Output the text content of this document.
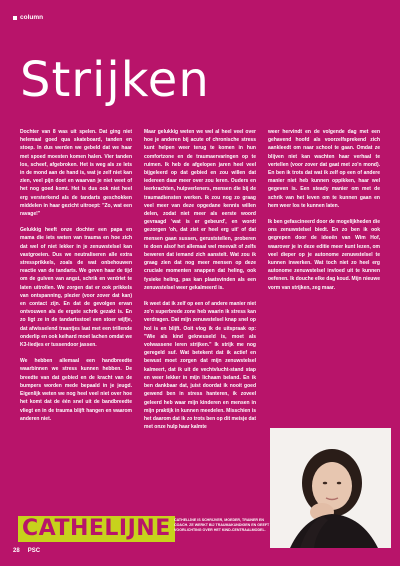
column
Strijken

Dochter van 8 was uit spelen. Dat ging niet helemaal goed qua skateboard, tanden en stoep. In dus werden we gebeld dat we haar met spoed moesten komen halen. Vier tanden los, scheef, afgebroken. Het is weg als ze lets in de mond aan de hand is, wat je zelf niet kan zien, veel pijn doet en waarvan je niet weet of het nog goed komt. Het is dus ook niet heel erg versterkend als de tandarts geschokken middelen in haar gezicht uitroept: "Zo, wat een ravage!"

Gelukkig heeft onze dochter een papa en mama die iets weten van trauma en hoe zich dat wel of niet lekker in je zenuwstelsel kan vastgroeien. Dus we neutraliseren alle extra stressprikkels, zoals de wat onbehouwen reactie van de tandarts. We geven haar de tijd om de gulven van angst, schrik en verdriet te laten uitrollen. We zorgen dat er ook prikkels van ontspanning, plezier (voor zover dat kan) en contact zijn. En dat de gevolgen ervan ontvouwen als de ergste schrik gezakt is. En zo ligt ze in de tandartsstoel een stoer wijfje, dat afwisselend traantjes laat met een trillende onderlip en ook keihard moet lachen omdat we K3-liedjes er tussendoor jassen.

We hebben allemaal een handbreedte waarbinnen we stress kunnen hebben. De breedte van dat gebied en de kracht van de bumpers worden mede bepaald in je jeugd. Eigenlijk weten we nog heel veel niet over hoe het komt dat de één snel uit de bandbreedte vliegt en in de trauma blijft hangen en waarom anderen niet.

Maar gelukkig weten we wel al heel veel over hoe je anderen bij acute of chronische stress kunt helpen weer terug te komen in hun comfortzone en de traumaervaringen op te ruimen. Ik heb de afgelopen jaren heel veel bijgeleerd op dat gebied en zou willen dat iedereen daar meer over zou leren. Ouders en leerkrachten, hulpverleners, mensen die bij de traumadiensten werken. Ik zou nog zo graag veel meer van deze opgedane kennis willen delen, zodat niet meer als eerste woord gevraagd 'wat is er gebeurd', en wordt gezorgen 'oh, dat ziet er heel erg uit' of dat mensen gaan sussen, geruststellen, proberen te doen alsof het allemaal wel meevalt of zelfs beweren dat iemand zich aanstelt. Wat zou ik graag zien dat nog meer mensen op deze cruciale momenten snappen dat heling, ook fysieke heling, pas kan plaatsvinden als een zenuwstelsel weer gekalmeerd is.

Ik weet dat ik zelf op een of andere manier niet zo'n superbrede zone heb waarin ik stress kan verdragen. Dat mijn zenuwstelsel knap snel op hol is en blijft. Ooit vlog ik de uitspraak op: "Wie als kind gekneuseld is, moet als volwassene leren strijken." Ik strijk me nog geregeld suf. Wat betekent dat ik actief en bewust moet zorgen dat mijn zenuwstelsel kalmeert, dat ik uit de vechtvlucht-stand stap en weer lekker in mijn lichaam beland. En ik ben dankbaar dat, juist doordat ik nooit goed gewend ben in stress hanteren, ik zoveel geleerd heb waar mijn kinderen en mensen in mijn praktijk in kunnen meedelen. Misschien is het daarom dat ik zo trots ben op dit meisje dat met onze hulp haar kalmte

weer hervindt en de volgende dag met een gehavend hoofd als voorzelfsprekend zich aankleedt om naar school te gaan. Omdat ze blijven niet kan wachten haar verhaal te vertellen (voor zover dat gaat met zo'n mond). En ben ik trots dat wat ik zelf op een of andere manier niet heb kunnen oppikken, haar wel gegeven is. Een steady manier om met de schrik van het leven om te kunnen gaan en hem weer los te kunnen laten.

Ik ben gefascineerd door de mogelijkheden die ons zenuwstelsel biedt. En zo ben ik ook gegrepen door de ideeën van Wim Hof, waarover je in deze editie meer kunt lezen, om veel dieper op je autonome zenuwstelsel te kunnen inwerken. Wat toch niet zo heel erg autonome zenuwstelsel invloed uit te kunnen oefenen. Ik douche elke dag koud. Mijn nieuwe vorm van strijken, zeg maar.

CATHELIJNE CATHELIJNE IS SCHRIJVER, MOEDER, TRAINER EN COACH. ZE WERKT BIJ TRAUMAKUNDIGEN EN GEEFT VOORLICHTING OVER HET KIND-CENTRAALMODEL.
28 PSC
